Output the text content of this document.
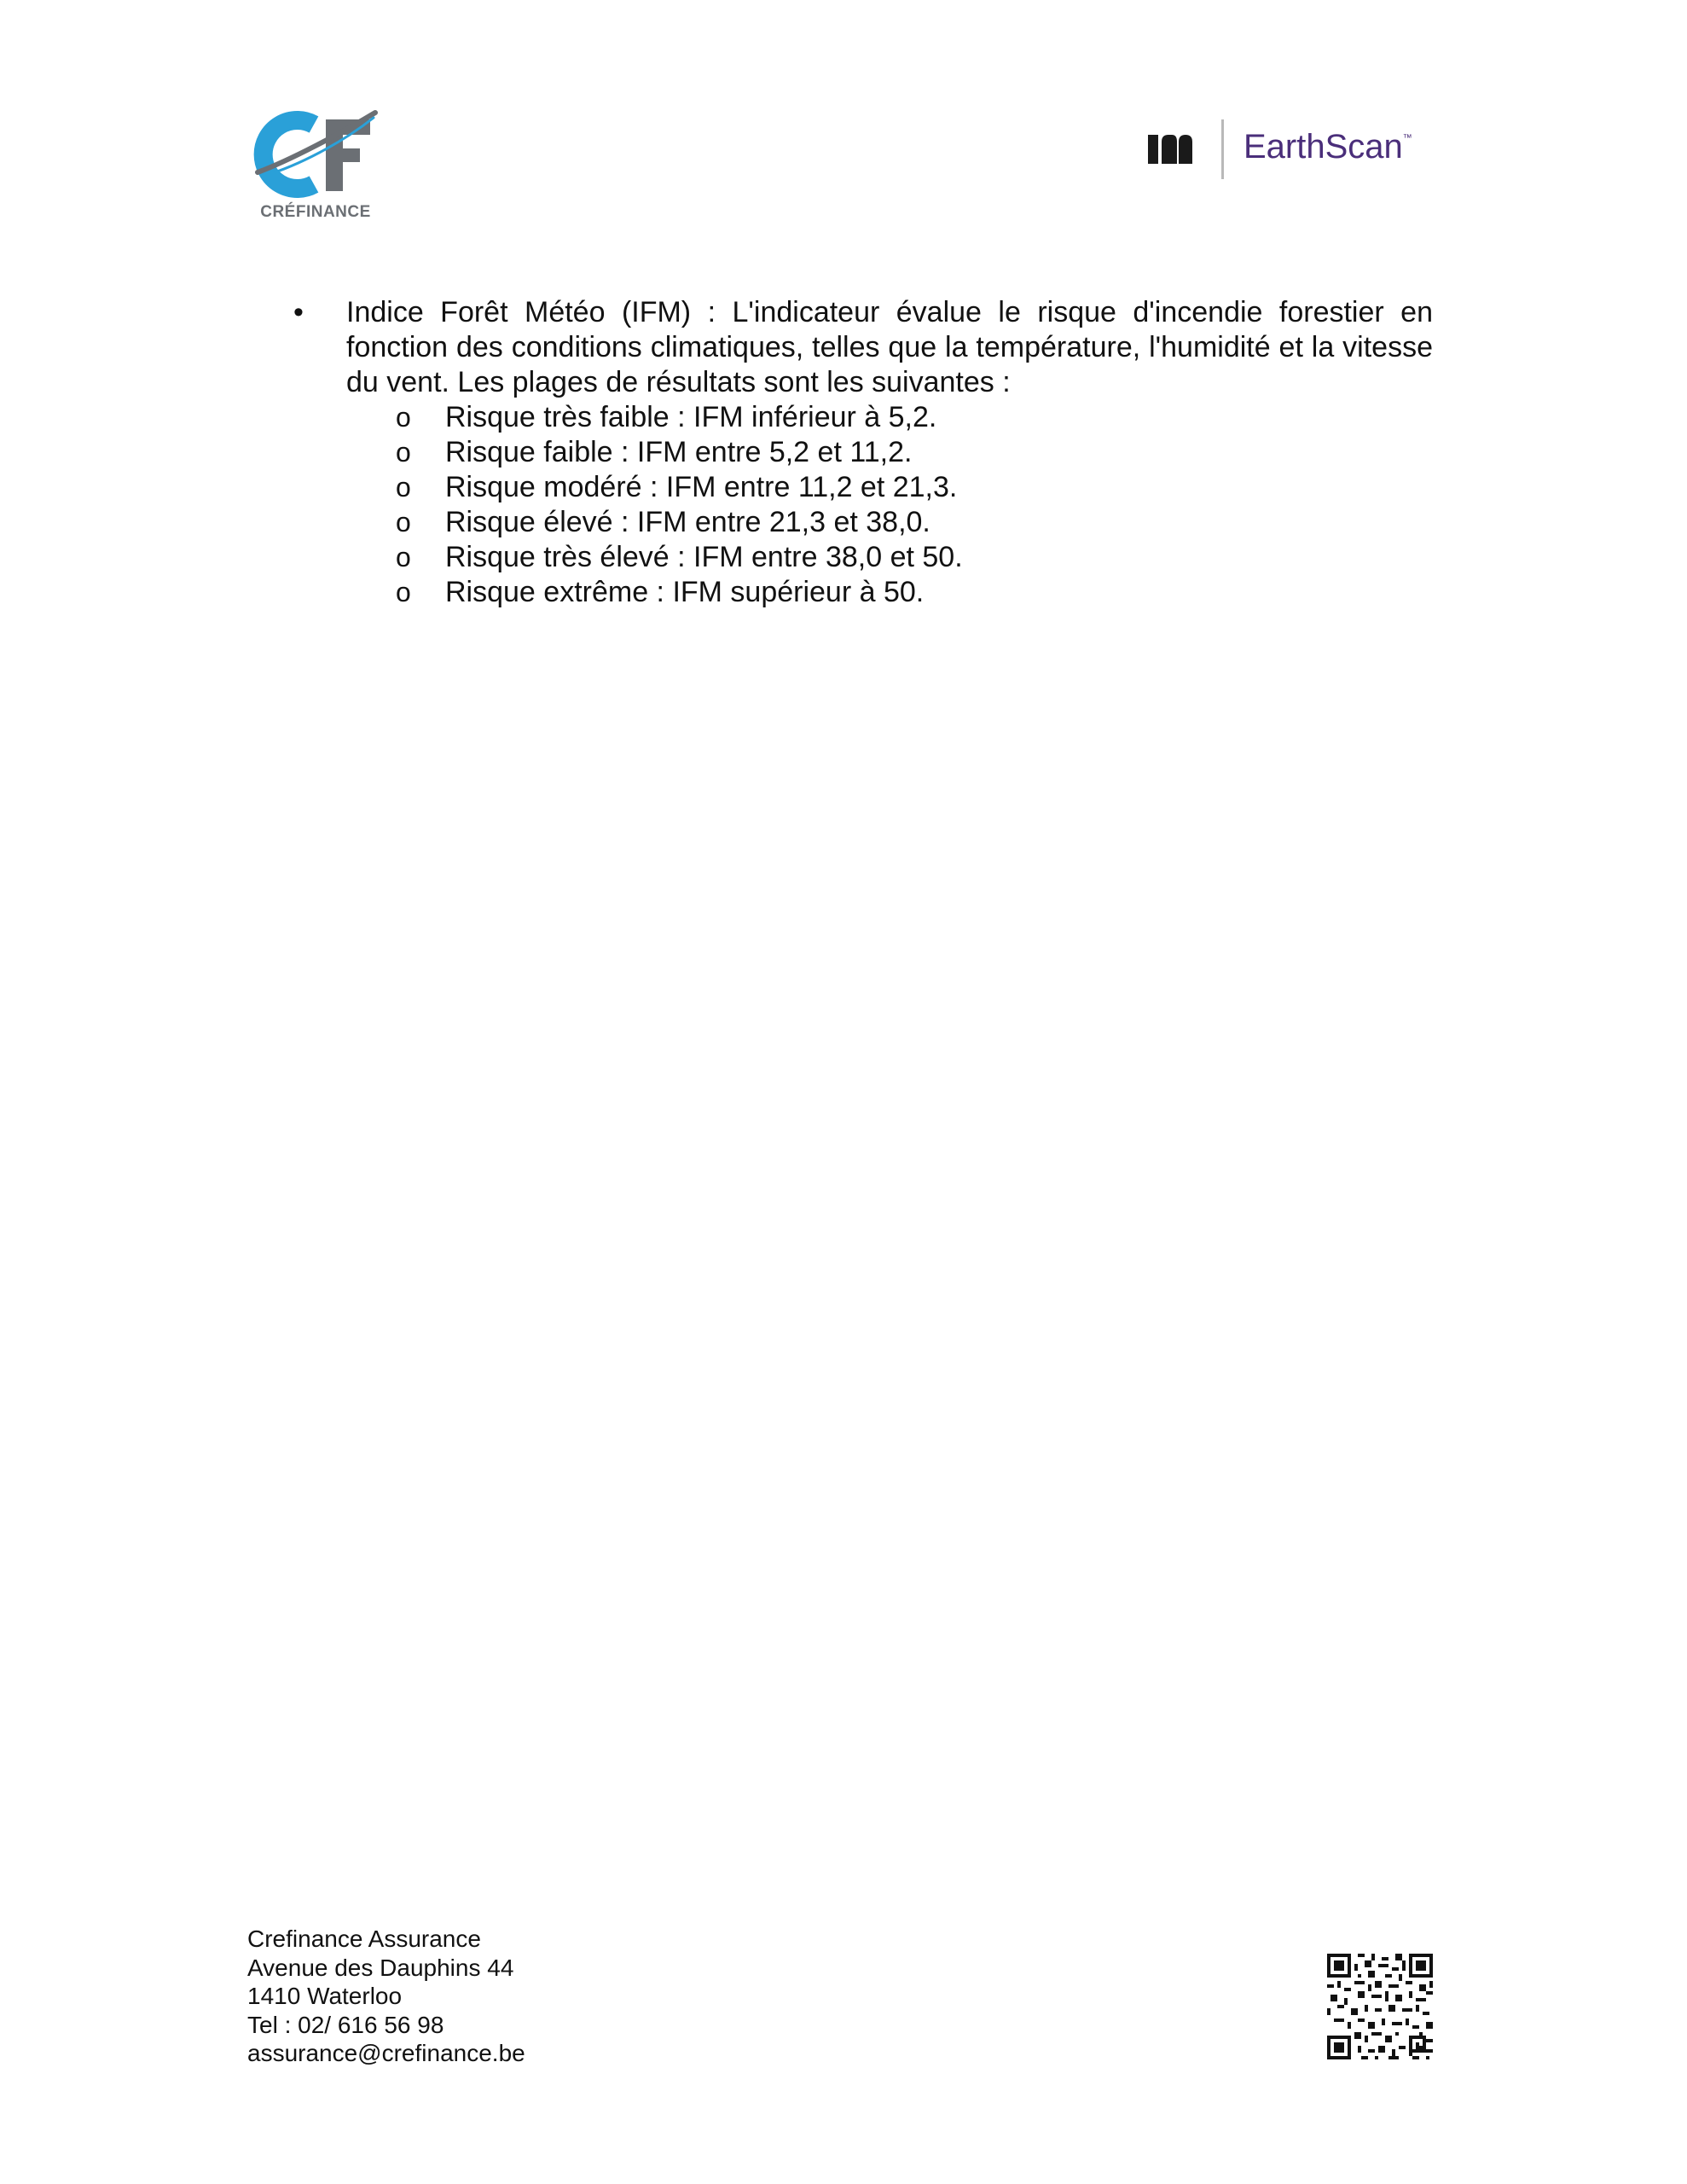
CRÉFINANCE
EarthScan™
• Indice Forêt Météo (IFM) : L'indicateur évalue le risque d'incendie forestier en fonction des conditions climatiques, telles que la température, l'humidité et la vitesse du vent. Les plages de résultats sont les suivantes :
o Risque très faible : IFM inférieur à 5,2.
o Risque faible : IFM entre 5,2 et 11,2.
o Risque modéré : IFM entre 11,2 et 21,3.
o Risque élevé : IFM entre 21,3 et 38,0.
o Risque très élevé : IFM entre 38,0 et 50.
o Risque extrême : IFM supérieur à 50.
Crefinance Assurance
Avenue des Dauphins 44
1410 Waterloo
Tel : 02/ 616 56 98
assurance@crefinance.be
